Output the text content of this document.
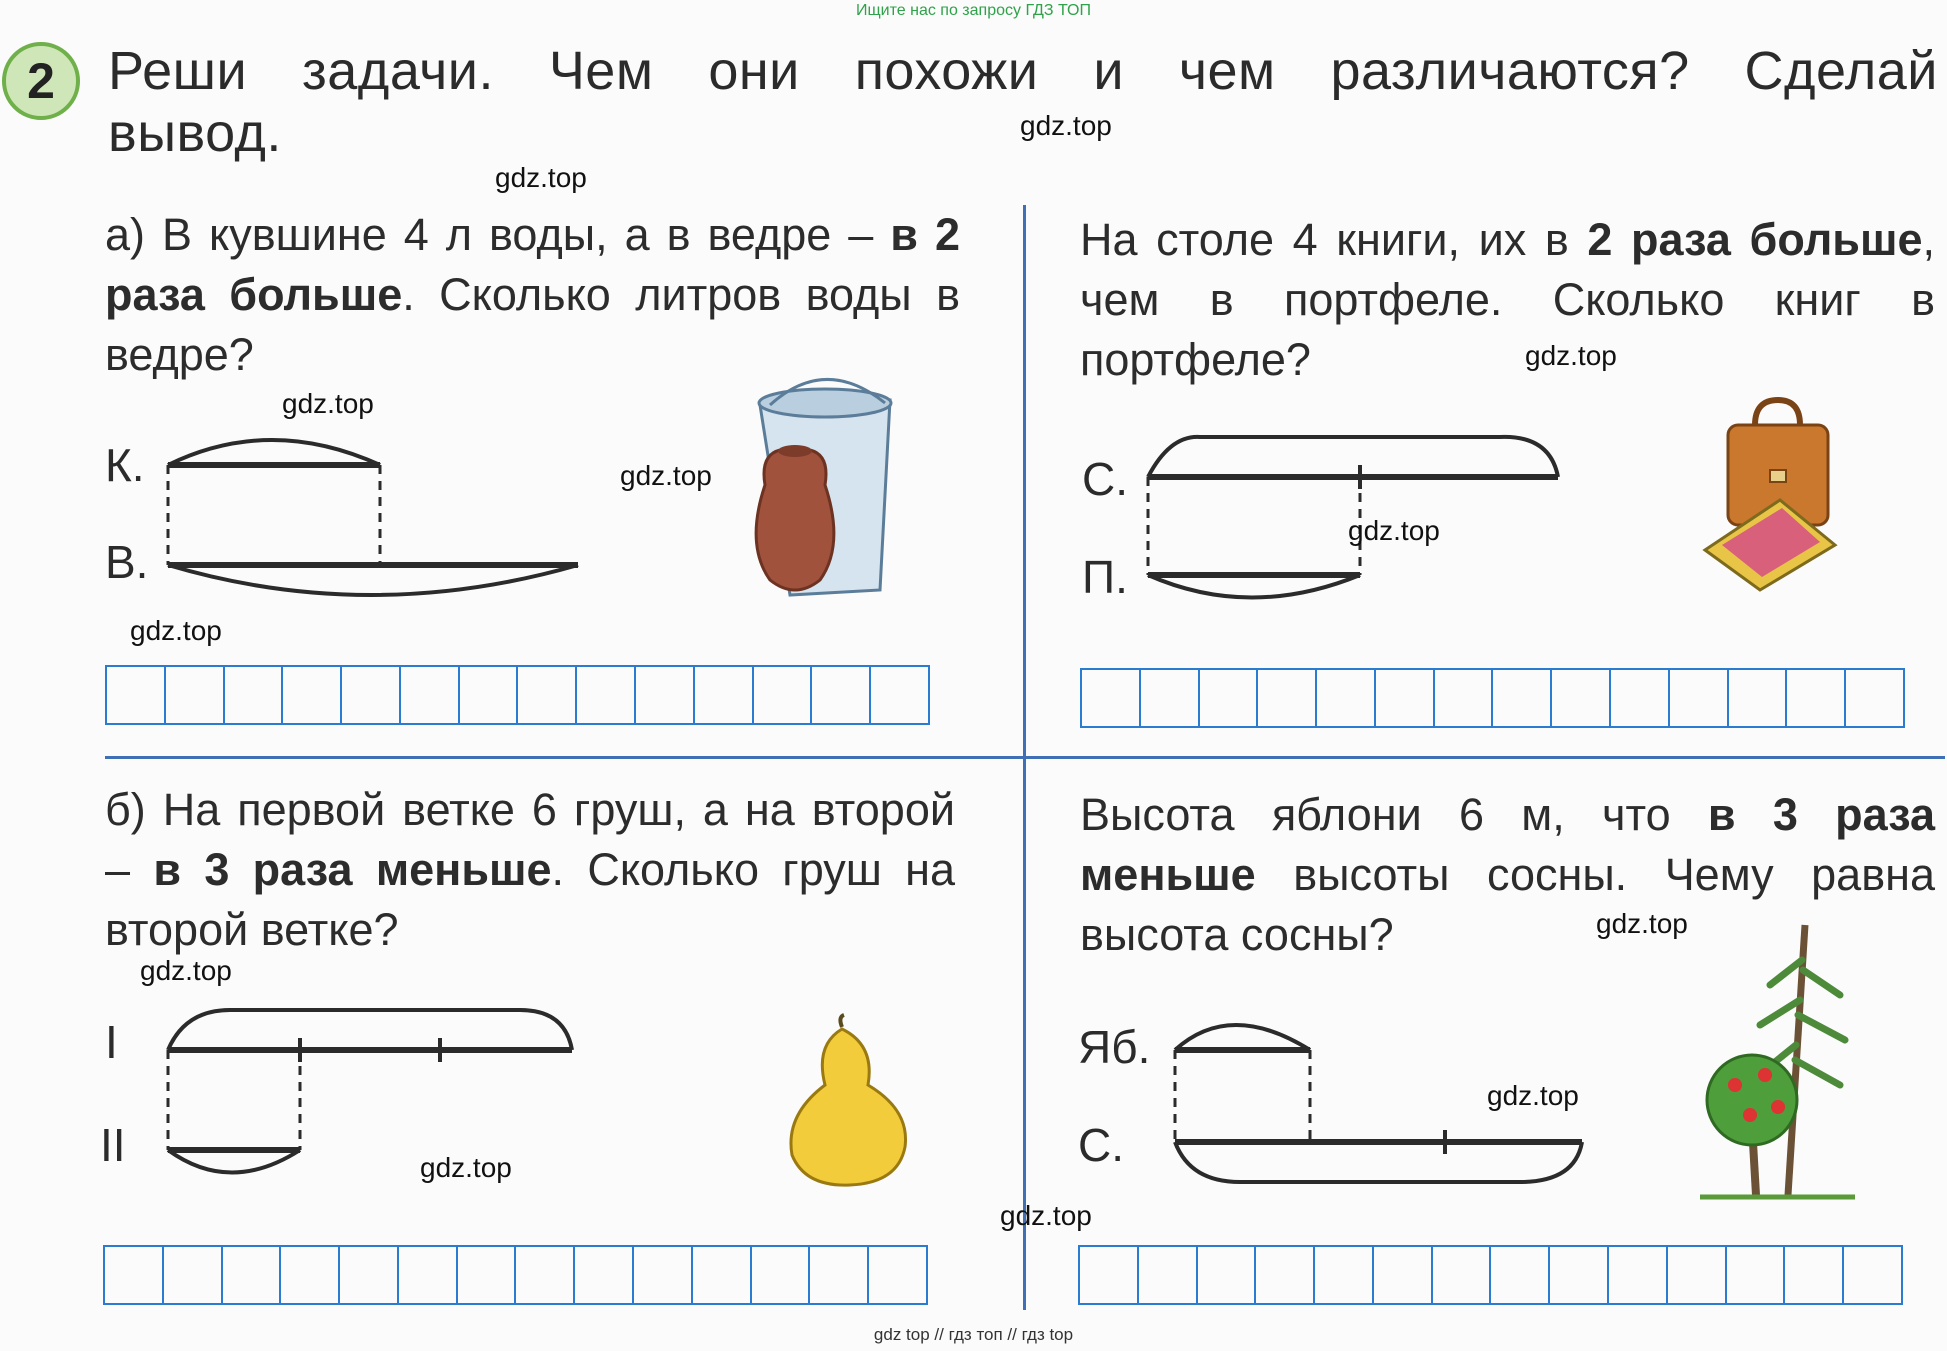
Ищите нас по запросу ГДЗ ТОП
2 Реши задачи. Чем они похожи и чем различаются? Сделай
вывод.
а) В кувшине 4 л воды, а в ведре – в 2 раза больше. Сколько литров воды в ведре?
К.
В.
На столе 4 книги, их в 2 раза больше, чем в портфеле. Сколько книг в портфеле?
С.
П.
б) На первой ветке 6 груш, а на второй – в 3 раза меньше. Сколько груш на второй ветке?
I
II
Высота яблони 6 м, что в 3 раза меньше высоты сосны. Чему равна высота сосны?
Яб.
С.
gdz.top
gdz.top
gdz.top
gdz.top
gdz.top
gdz.top
gdz.top
gdz.top
gdz.top
gdz.top
gdz.top
gdz.top
gdz top // гдз топ // гдз top
